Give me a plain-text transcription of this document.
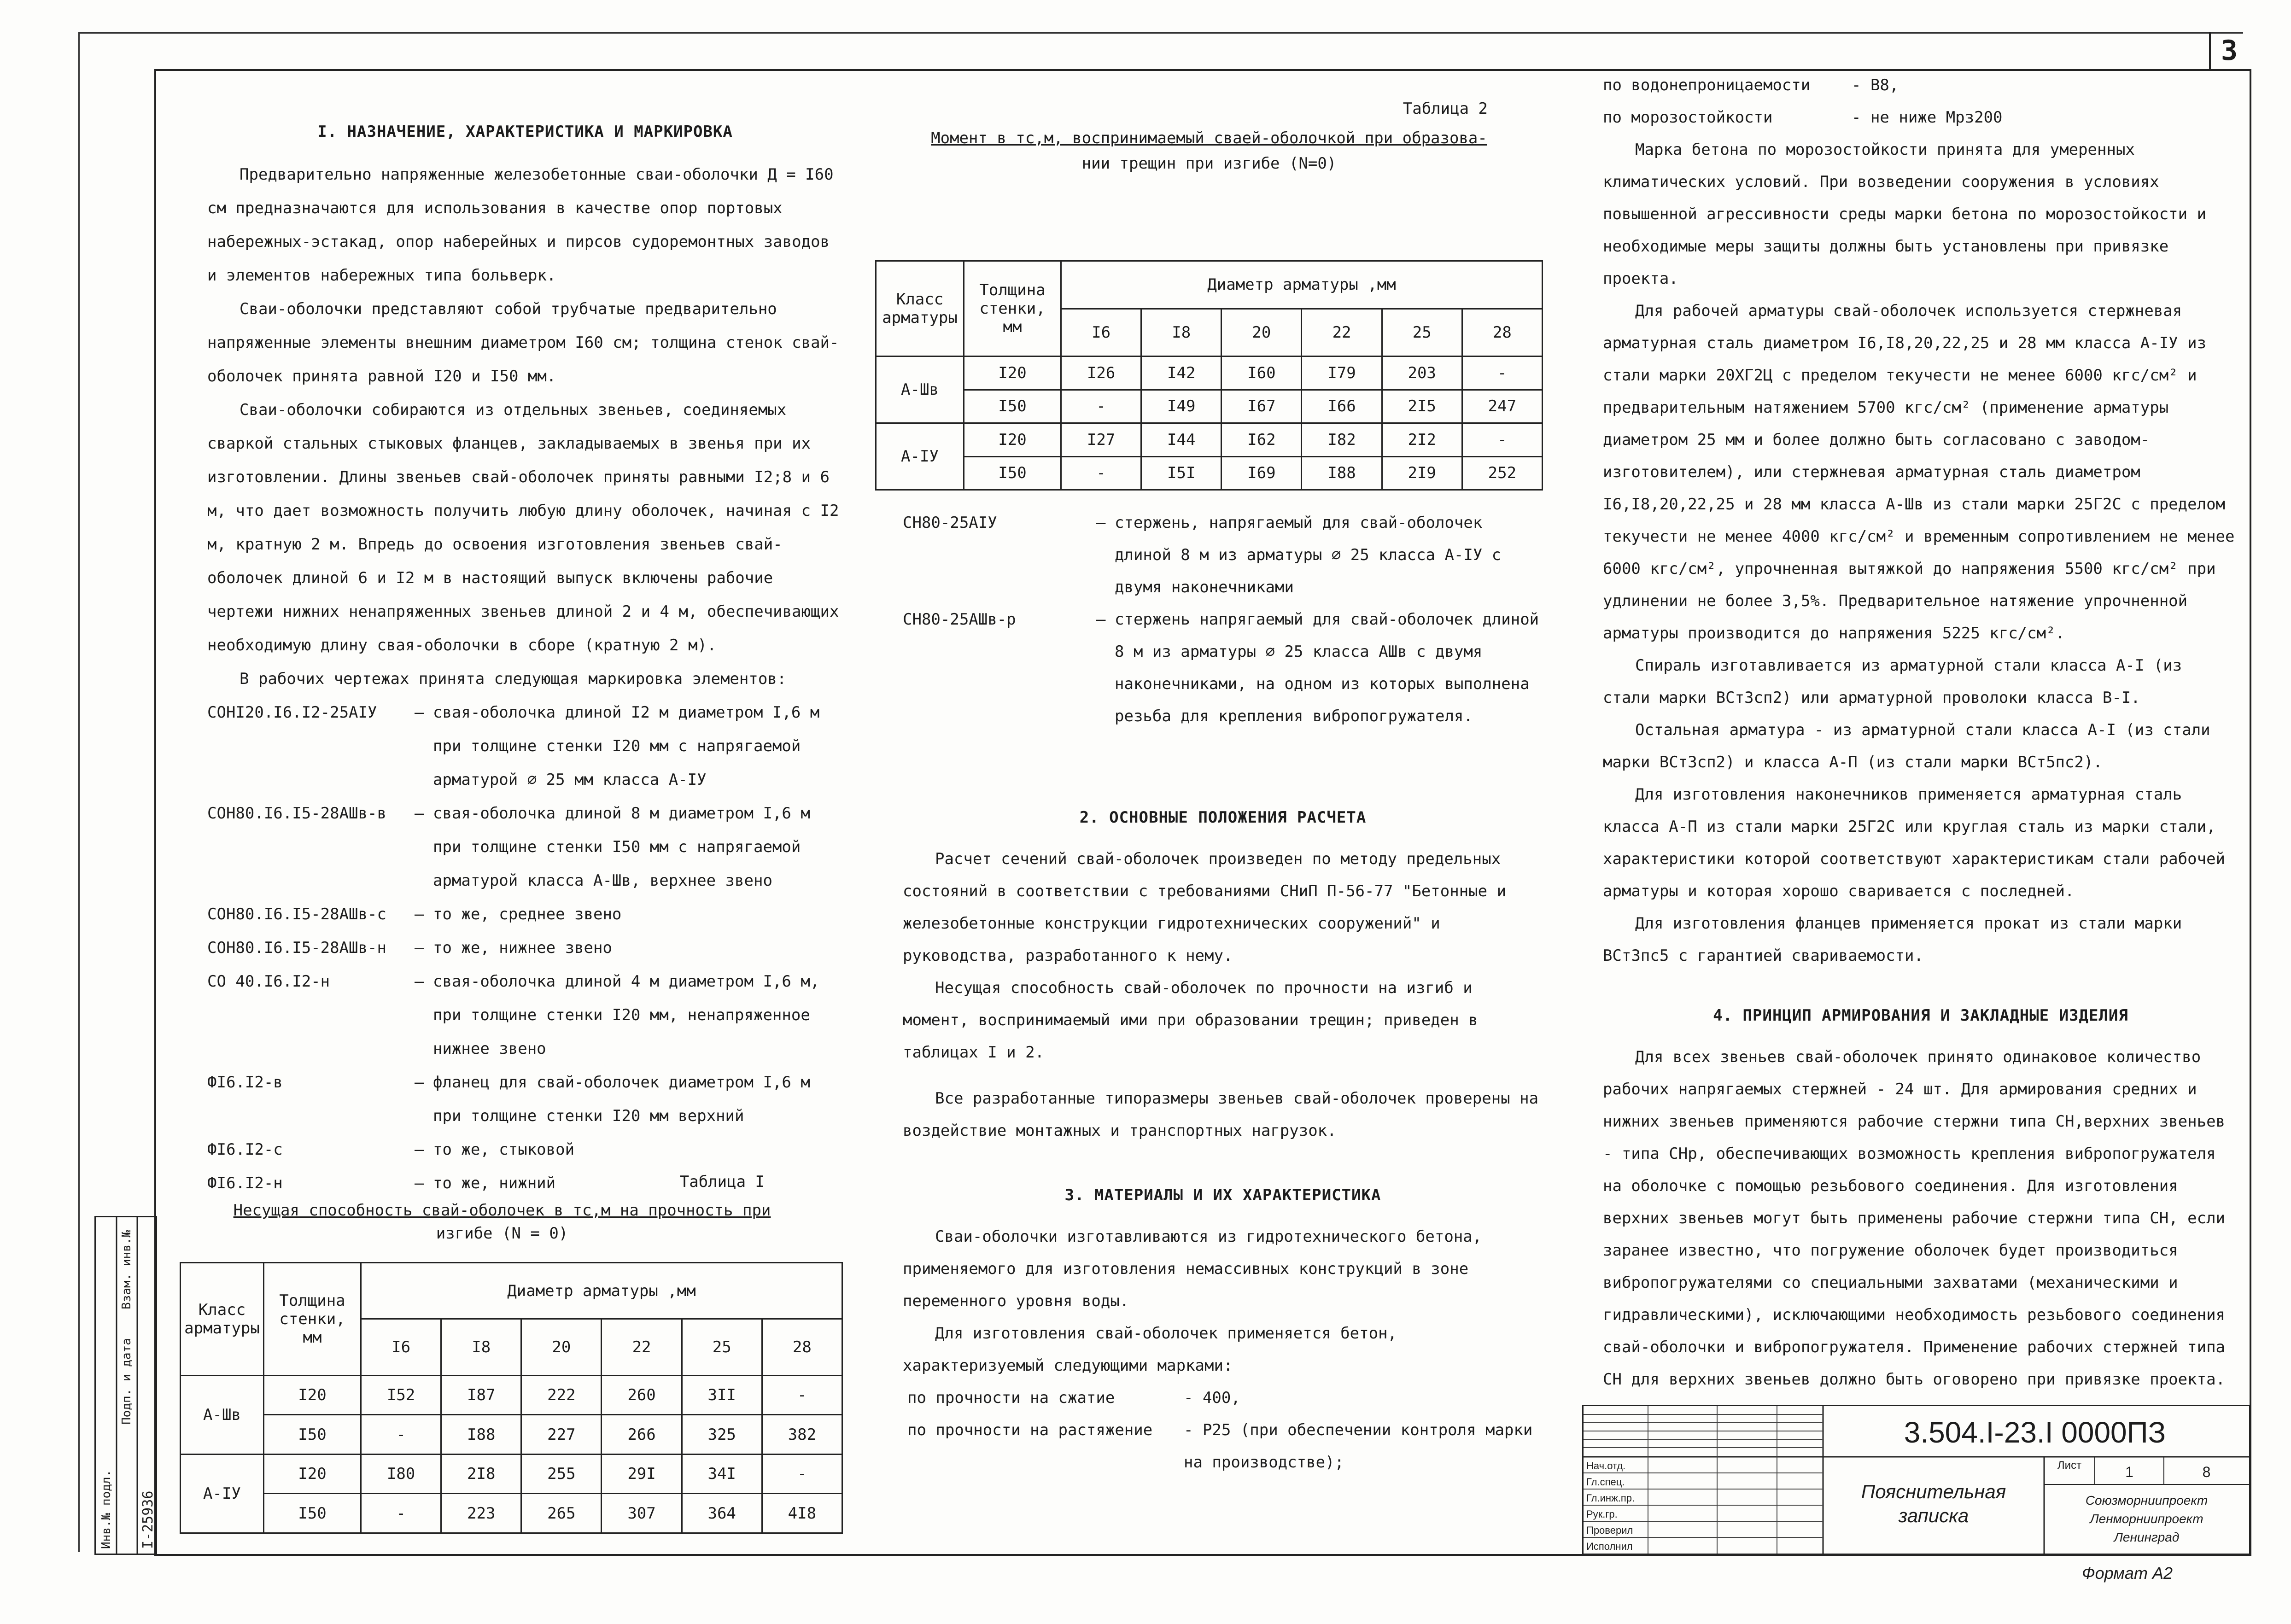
3

I. НАЗНАЧЕНИЕ, ХАРАКТЕРИСТИКА И МАРКИРОВКА

Предварительно напряженные железобетонные сваи-оболочки Д = I60 см предназначаются для использования в качестве опор портовых набережных-эстакад, опор наберейных и пирсов судоремонтных заводов и элементов набережных типа больверк.

Сваи-оболочки представляют собой трубчатые предварительно напряженные элементы внешним диаметром I60 см; толщина стенок свай-оболочек принята равной I20 и I50 мм.

Сваи-оболочки собираются из отдельных звеньев, соединяемых сваркой стальных стыковых фланцев, закладываемых в звенья при их изготовлении. Длины звеньев свай-оболочек приняты равными I2;8 и 6 м, что дает возможность получить любую длину оболочек, начиная с I2 м, кратную 2 м. Впредь до освоения изготовления звеньев свай-оболочек длиной 6 и I2 м в настоящий выпуск включены рабочие чертежи нижних ненапряженных звеньев длиной 2 и 4 м, обеспечивающих необходимую длину свая-оболочки в сборе (кратную 2 м).

В рабочих чертежах принята следующая маркировка элементов:

СОНI20.I6.I2-25АIУ	– свая-оболочка длиной I2 м диаметром I,6 м при толщине стенки I20 мм с напрягаемой арматурой ∅ 25 мм класса А-IУ
СОН80.I6.I5-28АШв-в	– свая-оболочка длиной 8 м диаметром I,6 м при толщине стенки I50 мм с напрягаемой арматурой класса А-Шв, верхнее звено
СОН80.I6.I5-28АШв-с	– то же, среднее звено
СОН80.I6.I5-28АШв-н	– то же, нижнее звено
СО 40.I6.I2-н	– свая-оболочка длиной 4 м диаметром I,6 м, при толщине стенки I20 мм, ненапряженное нижнее звено
ФI6.I2-в	– фланец для свай-оболочек диаметром I,6 м при толщине стенки I20 мм верхний
ФI6.I2-с	– то же, стыковой
ФI6.I2-н	– то же, нижний	Таблица I

Несущая способность свай-оболочек в тс,м на прочность при

изгибе (N = 0)

Класс арматуры	Толщина стенки, мм	Диаметр арматуры ,мм					
		I6	I8	20	22	25	28
А-Шв	I20	I52	I87	222	260	3II	-
	I50	-	I88	227	266	325	382
А-IУ	I20	I80	2I8	255	29I	34I	-
	I50	-	223	265	307	364	4I8

Таблица 2

Момент в тс,м, воспринимаемый сваей-оболочкой при образова-

нии трещин при изгибе (N=0)

Класс арматуры	Толщина стенки, мм	Диаметр арматуры ,мм					
		I6	I8	20	22	25	28
А-Шв	I20	I26	I42	I60	I79	203	-
	I50	-	I49	I67	I66	2I5	247
А-IУ	I20	I27	I44	I62	I82	2I2	-
	I50	-	I5I	I69	I88	2I9	252
СН80-25АIУ	– стержень, напрягаемый для свай-оболочек длиной 8 м из арматуры ∅ 25 класса А-IУ с двумя наконечниками
СН80-25АШв-р	– стержень напрягаемый для свай-оболочек длиной 8 м из арматуры ∅ 25 класса АШв с двумя наконечниками, на одном из которых выполнена резьба для крепления вибропогружателя.

2. ОСНОВНЫЕ ПОЛОЖЕНИЯ РАСЧЕТА

Расчет сечений свай-оболочек произведен по методу предельных состояний в соответствии с требованиями СНиП П-56-77 "Бетонные и железобетонные конструкции гидротехнических сооружений" и руководства, разработанного к нему.

Несущая способность свай-оболочек по прочности на изгиб и момент, воспринимаемый ими при образовании трещин; приведен в таблицах I и 2.

Все разработанные типоразмеры звеньев свай-оболочек проверены на воздействие монтажных и транспортных нагрузок.

3. МАТЕРИАЛЫ И ИХ ХАРАКТЕРИСТИКА

Сваи-оболочки изготавливаются из гидротехнического бетона, применяемого для изготовления немассивных конструкций в зоне переменного уровня воды.

Для изготовления свай-оболочек применяется бетон, характеризуемый следующими марками:

по прочности на сжатие	- 400,
по прочности на растяжение	- Р25 (при обеспечении контроля марки на производстве);
по водонепроницаемости	- В8,
по морозостойкости	- не ниже Мрз200

Марка бетона по морозостойкости принята для умеренных климатических условий. При возведении сооружения в условиях повышенной агрессивности среды марки бетона по морозостойкости и необходимые меры защиты должны быть установлены при привязке проекта.

Для рабочей арматуры свай-оболочек используется стержневая арматурная сталь диаметром I6,I8,20,22,25 и 28 мм класса А-IУ из стали марки 20ХГ2Ц с пределом текучести не менее 6000 кгс/см² и предварительным натяжением 5700 кгс/см² (применение арматуры диаметром 25 мм и более должно быть согласовано с заводом-изготовителем), или стержневая арматурная сталь диаметром I6,I8,20,22,25 и 28 мм класса А-Шв из стали марки 25Г2С с пределом текучести не менее 4000 кгс/см² и временным сопротивлением не менее 6000 кгс/см², упрочненная вытяжкой до напряжения 5500 кгс/см² при удлинении не более 3,5%. Предварительное натяжение упрочненной арматуры производится до напряжения 5225 кгс/см².

Спираль изготавливается из арматурной стали класса А-I (из стали марки ВСт3сп2) или арматурной проволоки класса В-I.

Остальная арматура - из арматурной стали класса А-I (из стали марки ВСт3сп2) и класса А-П (из стали марки ВСт5пс2).

Для изготовления наконечников применяется арматурная сталь класса А-П из стали марки 25Г2С или круглая сталь из марки стали, характеристики которой соответствуют характеристикам стали рабочей арматуры и которая хорошо сваривается с последней.

Для изготовления фланцев применяется прокат из стали марки ВСт3пс5 с гарантией свариваемости.

4. ПРИНЦИП АРМИРОВАНИЯ И ЗАКЛАДНЫЕ ИЗДЕЛИЯ

Для всех звеньев свай-оболочек принято одинаковое количество рабочих напрягаемых стержней - 24 шт. Для армирования средних и нижних звеньев применяются рабочие стержни типа СН,верхних звеньев - типа СНр, обеспечивающих возможность крепления вибропогружателя на оболочке с помощью резьбового соединения. Для изготовления верхних звеньев могут быть применены рабочие стержни типа СН, если заранее известно, что погружение оболочек будет производиться вибропогружателями со специальными захватами (механическими и гидравлическими), исключающими необходимость резьбового соединения свай-оболочки и вибропогружателя. Применение рабочих стержней типа СН для верхних звеньев должно быть оговорено при привязке проекта.

Нач.отд.
Гл.спец.
Гл.инж.пр.
Рук.гр.
Проверил
Исполнил
3.504.I-23.I 0000ПЗ
Пояснительная
записка
Лист	1	8
Союзморниипроект
Ленморниипроект
Ленинград
Инв.№ подл.
Подп. и дата
Взам. инв.№
I-25936
Формат А2
